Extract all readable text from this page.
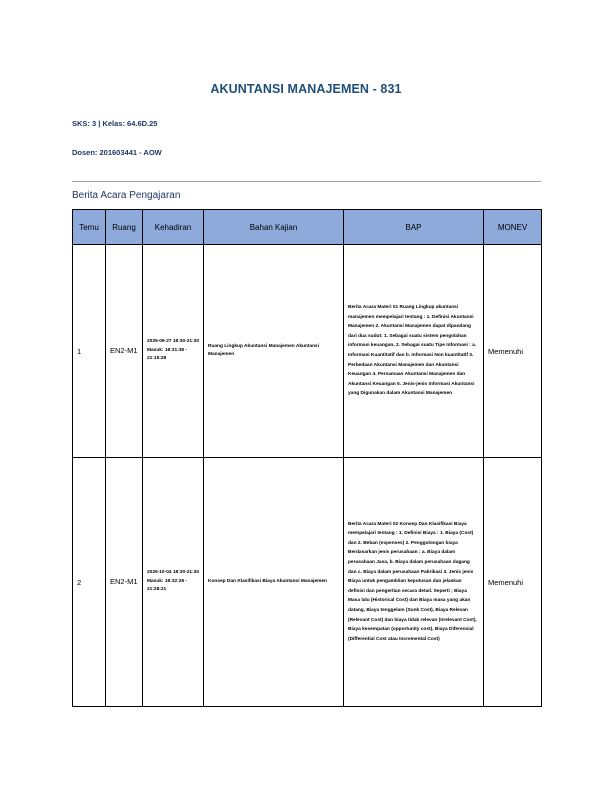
AKUNTANSI MANAJEMEN - 831
SKS: 3 | Kelas: 64.6D.25
Dosen: 201603441 - AOW
Berita Acara Pengajaran
Temu	Ruang	Kehadiran	Bahan Kajian	BAP	MONEV
1	EN2-M1	2025-09-27 18:30-21:30 Masuk: 18:31:38 - 21:15:28	Ruang Lingkup Akuntansi Manajemen Akuntansi Manajemen	Berita Acara Materi 01 Ruang Lingkup akuntansi manajemen mempelajari tentang : 1. Definisi Akuntansi Manajemen 2. Akuntansi Manajemen dapat dipandang dari dua sudut: 1. Sebagai suatu sistem pengolahan informasi keuangan, 2. Sebagai suatu Tipe Informasi : a. Informasi Kuantitatif dan b. Informasi Non kuantitatif 3. Perbedaan Akuntansi Manajemen dan Akuntansi Keuangan 4. Persamaan Akuntansi Manajemen dan Akuntansi Keuangan 5. Jenis-jenis Informasi Akuntansi yang Digunakan dalam Akuntansi Manajemen	Memenuhi
2	EN2-M1	2025-10-04 18:30-21:30 Masuk: 18:32:28 - 21:28:21	Konsep Dan Klasifikasi Biaya Akuntansi Manajemen	Berita Acara Materi 02 Konsep Dan Klasifikasi Biaya mempelajari tentang : 1. Definisi Biaya : 1. Biaya (Cost) dan 2. Beban (expenses) 2. Penggolongan biaya Berdasarkan jenis perusahaan : a. Biaya dalam perusahaan Jasa, b. Biaya dalam perusahaan dagang dan c. Biaya dalam perusahaan Pabrikasi 3. Jenis jenis Biaya untuk pengambilan keputusan dan jelaskan definisi dan pengertian secara detail. Seperti ; Biaya Masa lalu (Historical Cost) dan Biaya masa yang akan datang, Biaya tenggelam (Sunk Cost), Biaya Relevan (Relevant Cost) dan biaya tidak relevan (Irrelevant Cost), Biaya kesempatan (opportunity cost), Biaya Diferensial (Differential Cost atau Incremental Cost)	Memenuhi
